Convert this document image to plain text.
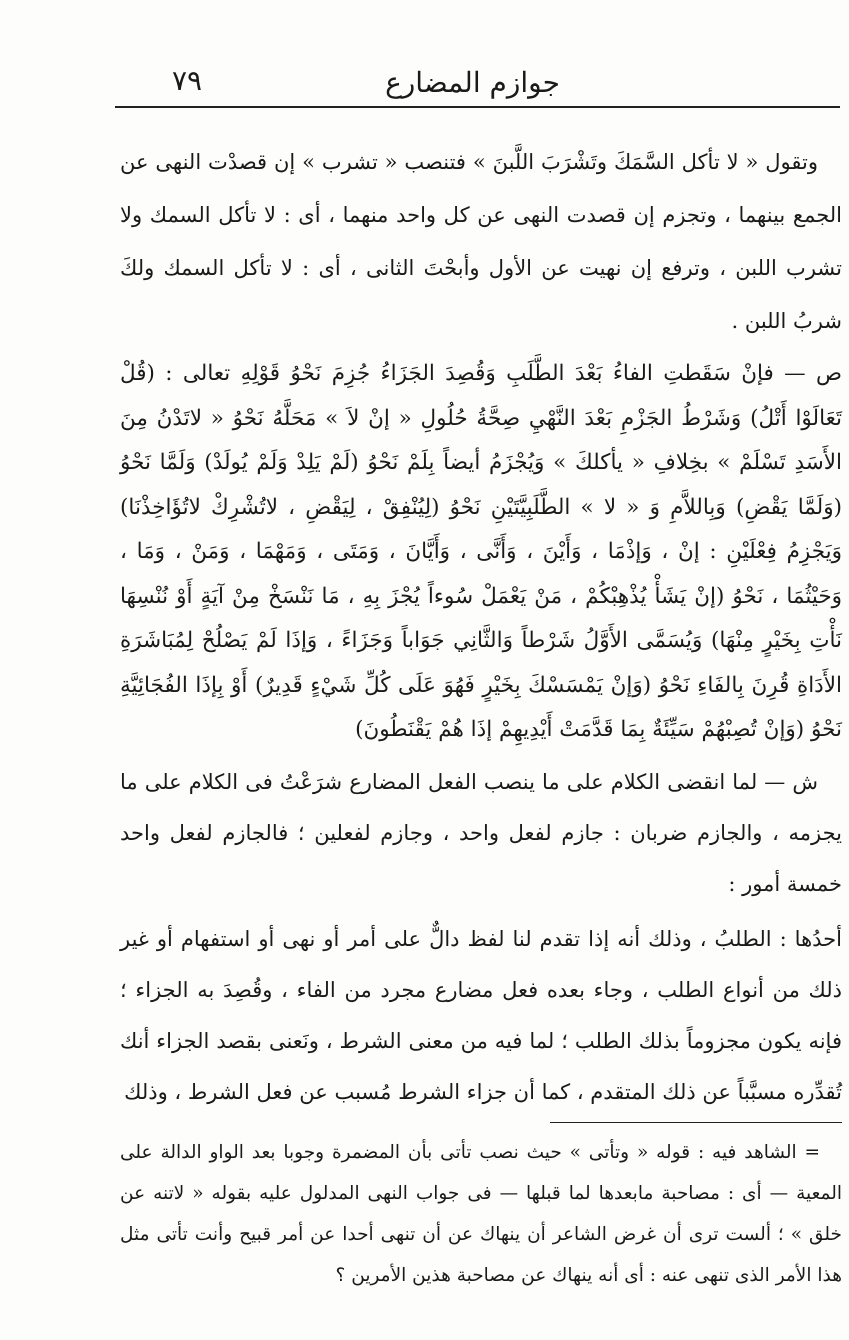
جوازم المضارع
٧٩

وتقول « لا تأكل السَّمَكَ وتَشْرَبَ اللَّبنَ » فتنصب « تشرب » إن قصدْت النهى عن الجمع بينهما ، وتجزم إن قصدت النهى عن كل واحد منهما ، أى : لا تأكل السمك ولا تشرب اللبن ، وترفع إن نهيت عن الأول وأبحْتَ الثانى ، أى : لا تأكل السمك ولكَ شربُ اللبن .

ص — فإنْ سَقَطتِ الفاءُ بَعْدَ الطَّلَبِ وَقُصِدَ الجَزَاءُ جُزِمَ نَحْوُ قَوْلِهِ تعالى : (قُلْ تَعَالَوْا أَتْلُ) وَشَرْطُ الجَزْمِ بَعْدَ النَّهْيِ صِحَّةُ حُلُولِ « إنْ لاَ » مَحَلَّهُ نَحْوُ « لاتَدْنُ مِنَ الأَسَدِ تَسْلَمْ » بخِلافِ « يأكلكَ » وَيُجْزَمُ أيضاً بِلَمْ نَحْوُ (لَمْ يَلِدْ وَلَمْ يُولَدْ) وَلَمَّا نَحْوُ (وَلَمَّا يَقْضِ) وَبِاللاَّمِ وَ « لا » الطَّلَبِيَّتَيْنِ نَحْوُ (لِيُنْفِقْ ، لِيَقْضِ ، لاتُشْرِكْ لاتُؤَاخِذْنَا) وَيَجْزِمُ فِعْلَيْنِ : إنْ ، وَإذْمَا ، وَأَيْنَ ، وَأَنَّى ، وَأَيَّانَ ، وَمَتَى ، وَمَهْمَا ، وَمَنْ ، وَمَا ، وَحَيْثُمَا ، نَحْوُ (إنْ يَشَأْ يُذْهِبْكُمْ ، مَنْ يَعْمَلْ سُوءاً يُجْزَ بِهِ ، مَا نَنْسَخْ مِنْ آيَةٍ أَوْ نُنْسِهَا نَأْتِ بِخَيْرٍ مِنْهَا) وَيُسَمَّى الأَوَّلُ شَرْطاً وَالثَّانِي جَوَاباً وَجَزَاءً ، وَإذَا لَمْ يَصْلُحْ لِمُبَاشَرَةِ الأَدَاةِ قُرِنَ بِالفَاءِ نَحْوُ (وَإنْ يَمْسَسْكَ بِخَيْرٍ فَهُوَ عَلَى كُلِّ شَيْءٍ قَدِيرٌ) أَوْ بِإذَا الفُجَائِيَّةِ نَحْوُ (وَإنْ تُصِبْهُمْ سَيِّئَةٌ بِمَا قَدَّمَتْ أَيْدِيهِمْ إذَا هُمْ يَقْنَطُونَ)

ش — لما انقضى الكلام على ما ينصب الفعل المضارع شرَعْتُ فى الكلام على ما يجزمه ، والجازم ضربان : جازم لفعل واحد ، وجازم لفعلين ؛ فالجازم لفعل واحد خمسة أمور :

أحدُها : الطلبُ ، وذلك أنه إذا تقدم لنا لفظ دالٌّ على أمر أو نهى أو استفهام أو غير ذلك من أنواع الطلب ، وجاء بعده فعل مضارع مجرد من الفاء ، وقُصِدَ به الجزاء ؛ فإنه يكون مجزوماً بذلك الطلب ؛ لما فيه من معنى الشرط ، ونَعنى بقصد الجزاء أنك تُقدِّره مسبَّباً عن ذلك المتقدم ، كما أن جزاء الشرط مُسبب عن فعل الشرط ، وذلك

= الشاهد فيه : قوله « وتأتى » حيث نصب تأتى بأن المضمرة وجوبا بعد الواو الدالة على المعية — أى : مصاحبة مابعدها لما قبلها — فى جواب النهى المدلول عليه بقوله « لاتنه عن خلق » ؛ ألست ترى أن غرض الشاعر أن ينهاك عن أن تنهى أحدا عن أمر قبيح وأنت تأتى مثل هذا الأمر الذى تنهى عنه : أى أنه ينهاك عن مصاحبة هذين الأمرين ؟
